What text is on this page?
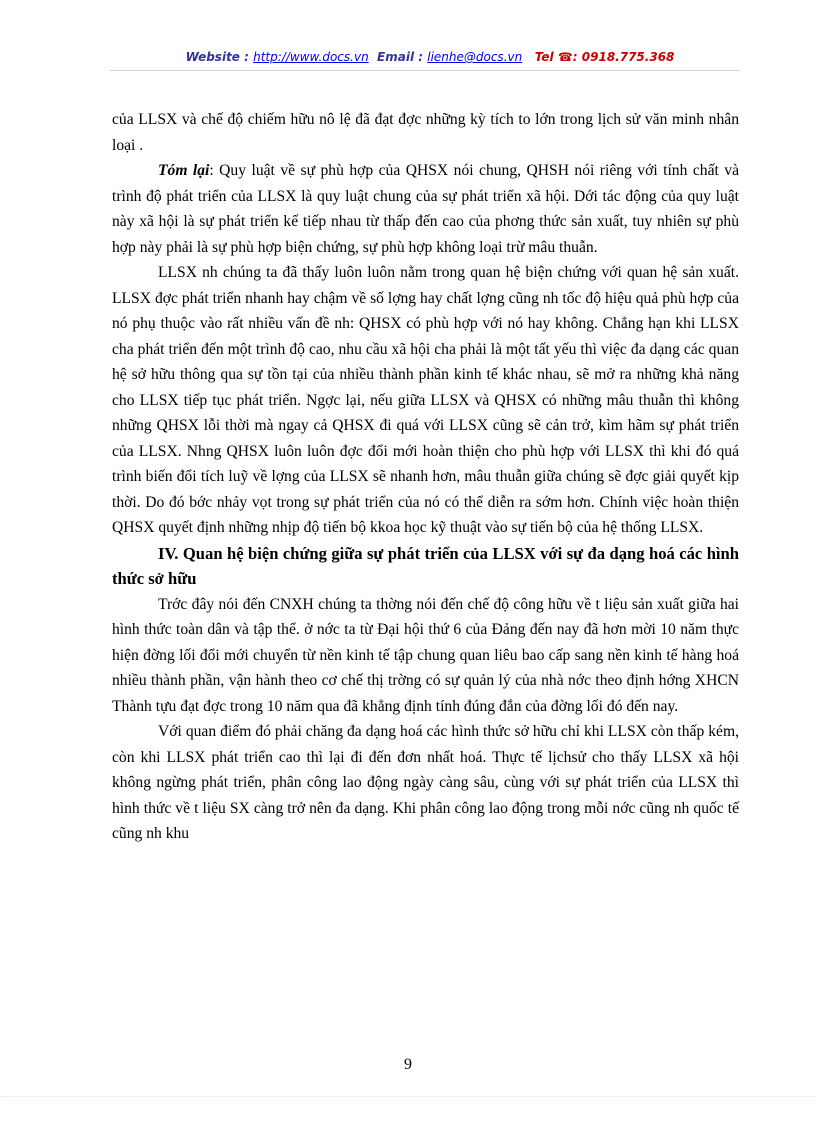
Website : http://www.docs.vn Email : lienhe@docs.vn Tel ☎: 0918.775.368

của LLSX và chế độ chiếm hữu nô lệ đã đạt đợc những kỳ tích to lớn trong lịch sử văn minh nhân loại .

Tóm lại: Quy luật về sự phù hợp của QHSX nói chung, QHSH nói riêng với tính chất và trình độ phát triển của LLSX là quy luật chung của sự phát triển xã hội. Dới tác động của quy luật này xã hội là sự phát triển kế tiếp nhau từ thấp đến cao của phơng thức sản xuất, tuy nhiên sự phù hợp này phải là sự phù hợp biện chứng, sự phù hợp không loại trừ mâu thuẫn.

LLSX nh chúng ta đã thấy luôn luôn nằm trong quan hệ biện chứng với quan hệ sản xuất. LLSX đợc phát triển nhanh hay chậm về số lợng hay chất lợng cũng nh tốc độ hiệu quả phù hợp của nó phụ thuộc vào rất nhiều vấn đề nh: QHSX có phù hợp với nó hay không. Chẳng hạn khi LLSX cha phát triển đến một trình độ cao, nhu cầu xã hội cha phải là một tất yếu thì việc đa dạng các quan hệ sở hữu thông qua sự tồn tại của nhiều thành phần kinh tế khác nhau, sẽ mở ra những khả năng cho LLSX tiếp tục phát triển. Ngợc lại, nếu giữa LLSX và QHSX có những mâu thuẫn thì không những QHSX lỗi thời mà ngay cả QHSX đi quá với LLSX cũng sẽ cản trở, kìm hãm sự phát triển của LLSX. Nhng QHSX luôn luôn đợc đổi mới hoàn thiện cho phù hợp với LLSX thì khi đó quá trình biến đổi tích luỹ về lợng của LLSX sẽ nhanh hơn, mâu thuẫn giữa chúng sẽ đợc giải quyết kịp thời. Do đó bớc nhảy vọt trong sự phát triển của nó có thể diễn ra sớm hơn. Chính việc hoàn thiện QHSX quyết định những nhịp độ tiến bộ kkoa học kỹ thuật vào sự tiến bộ của hệ thống LLSX.

IV. Quan hệ biện chứng giữa sự phát triển của LLSX với sự đa dạng hoá các hình thức sở hữu

Trớc đây nói đến CNXH chúng ta thờng nói đến chế độ công hữu về t liệu sản xuất giữa hai hình thức toàn dân và tập thể. ở nớc ta từ Đại hội thứ 6 của Đảng đến nay đã hơn mời 10 năm thực hiện đờng lối đổi mới chuyển từ nền kinh tế tập chung quan liêu bao cấp sang nền kinh tế hàng hoá nhiều thành phần, vận hành theo cơ chế thị trờng có sự quản lý của nhà nớc theo định hớng XHCN Thành tựu đạt đợc trong 10 năm qua đã khẳng định tính đúng đắn của đờng lối đó đến nay.

Với quan điểm đó phải chăng đa dạng hoá các hình thức sở hữu chỉ khi LLSX còn thấp kém, còn khi LLSX phát triển cao thì lại đi đến đơn nhất hoá. Thực tế lịchsử cho thấy LLSX xã hội không ngừng phát triển, phân công lao động ngày càng sâu, cùng với sự phát triển của LLSX thì hình thức về t liệu SX càng trở nên đa dạng. Khi phân công lao động trong mỗi nớc cũng nh quốc tế cũng nh khu

9
